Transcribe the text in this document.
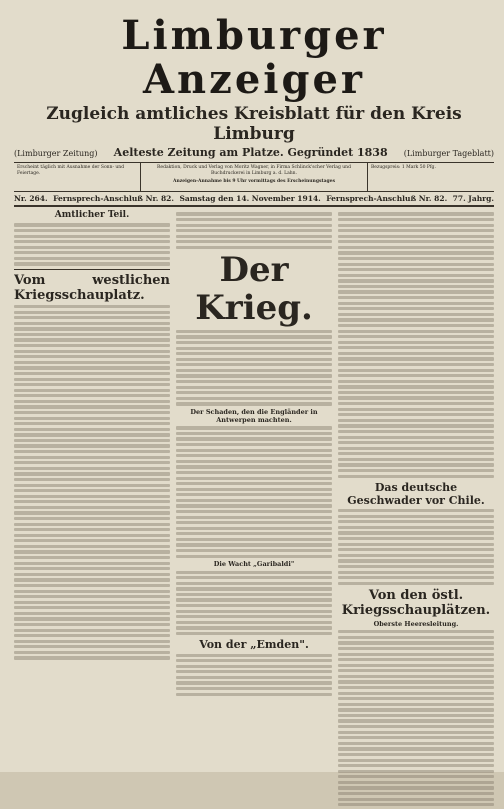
Limburger Anzeiger
Zugleich amtliches Kreisblatt für den Kreis Limburg
(Limburger Zeitung) Aelteste Zeitung am Platze. Gegründet 1838 (Limburger Tageblatt)
Erscheint täglich mit Ausnahme der Sonn- und Feiertage.
Redaktion, Druck und Verlag von Moritz Wagner, in Firma Schlinck'scher Verlag und Buchdruckerei in Limburg a. d. Lahn.
Anzeigen-Annahme bis 9 Uhr vormittags des Erscheinungstages
Bezugspreis: 1 Mark 50 Pfg.
Nr. 264. Fernsprech-Anschluß Nr. 82. Samstag den 14. November 1914. Fernsprech-Anschluß Nr. 82. 77. Jahrg.
Amtlicher Teil.
Vom westlichen Kriegsschauplatz.
Der Krieg.
Der Schaden, den die Engländer in Antwerpen machten.
Die Wacht „Garibaldi"
Von der „Emden".
Das deutsche Geschwader vor Chile.
Von den östl. Kriegsschauplätzen.
Oberste Heeresleitung.
